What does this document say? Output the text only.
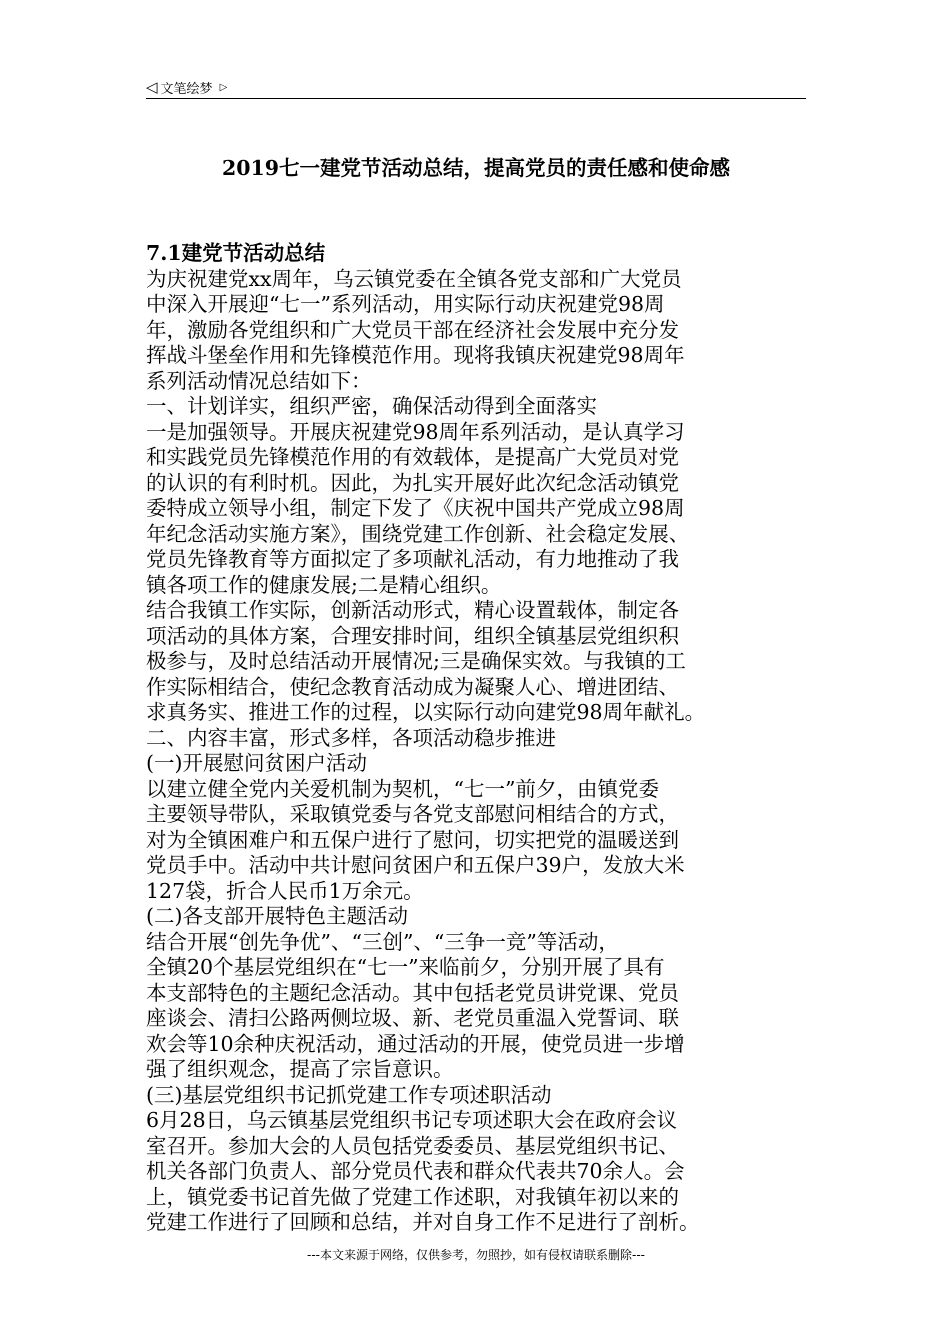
◁ 文笔绘梦 ▷
2019七一建党节活动总结，提高党员的责任感和使命感
7.1建党节活动总结
为庆祝建党xx周年，乌云镇党委在全镇各党支部和广大党员
中深入开展迎“七一”系列活动，用实际行动庆祝建党98周
年，激励各党组织和广大党员干部在经济社会发展中充分发
挥战斗堡垒作用和先锋模范作用。现将我镇庆祝建党98周年
系列活动情况总结如下：
一、计划详实，组织严密，确保活动得到全面落实
一是加强领导。开展庆祝建党98周年系列活动，是认真学习
和实践党员先锋模范作用的有效载体，是提高广大党员对党
的认识的有利时机。因此，为扎实开展好此次纪念活动镇党
委特成立领导小组，制定下发了《庆祝中国共产党成立98周
年纪念活动实施方案》，围绕党建工作创新、社会稳定发展、
党员先锋教育等方面拟定了多项献礼活动，有力地推动了我
镇各项工作的健康发展;二是精心组织。
结合我镇工作实际，创新活动形式，精心设置载体，制定各
项活动的具体方案，合理安排时间，组织全镇基层党组织积
极参与，及时总结活动开展情况;三是确保实效。与我镇的工
作实际相结合，使纪念教育活动成为凝聚人心、增进团结、
求真务实、推进工作的过程，以实际行动向建党98周年献礼。
二、内容丰富，形式多样，各项活动稳步推进
(一)开展慰问贫困户活动
以建立健全党内关爱机制为契机，“七一”前夕，由镇党委
主要领导带队，采取镇党委与各党支部慰问相结合的方式，
对为全镇困难户和五保户进行了慰问，切实把党的温暖送到
党员手中。活动中共计慰问贫困户和五保户39户，发放大米
127袋，折合人民币1万余元。
(二)各支部开展特色主题活动
结合开展“创先争优”、“三创”、“三争一竞”等活动，
全镇20个基层党组织在“七一”来临前夕，分别开展了具有
本支部特色的主题纪念活动。其中包括老党员讲党课、党员
座谈会、清扫公路两侧垃圾、新、老党员重温入党誓词、联
欢会等10余种庆祝活动，通过活动的开展，使党员进一步增
强了组织观念，提高了宗旨意识。
(三)基层党组织书记抓党建工作专项述职活动
6月28日，乌云镇基层党组织书记专项述职大会在政府会议
室召开。参加大会的人员包括党委委员、基层党组织书记、
机关各部门负责人、部分党员代表和群众代表共70余人。会
上，镇党委书记首先做了党建工作述职，对我镇年初以来的
党建工作进行了回顾和总结，并对自身工作不足进行了剖析。
---本文来源于网络，仅供参考，勿照抄，如有侵权请联系删除---
